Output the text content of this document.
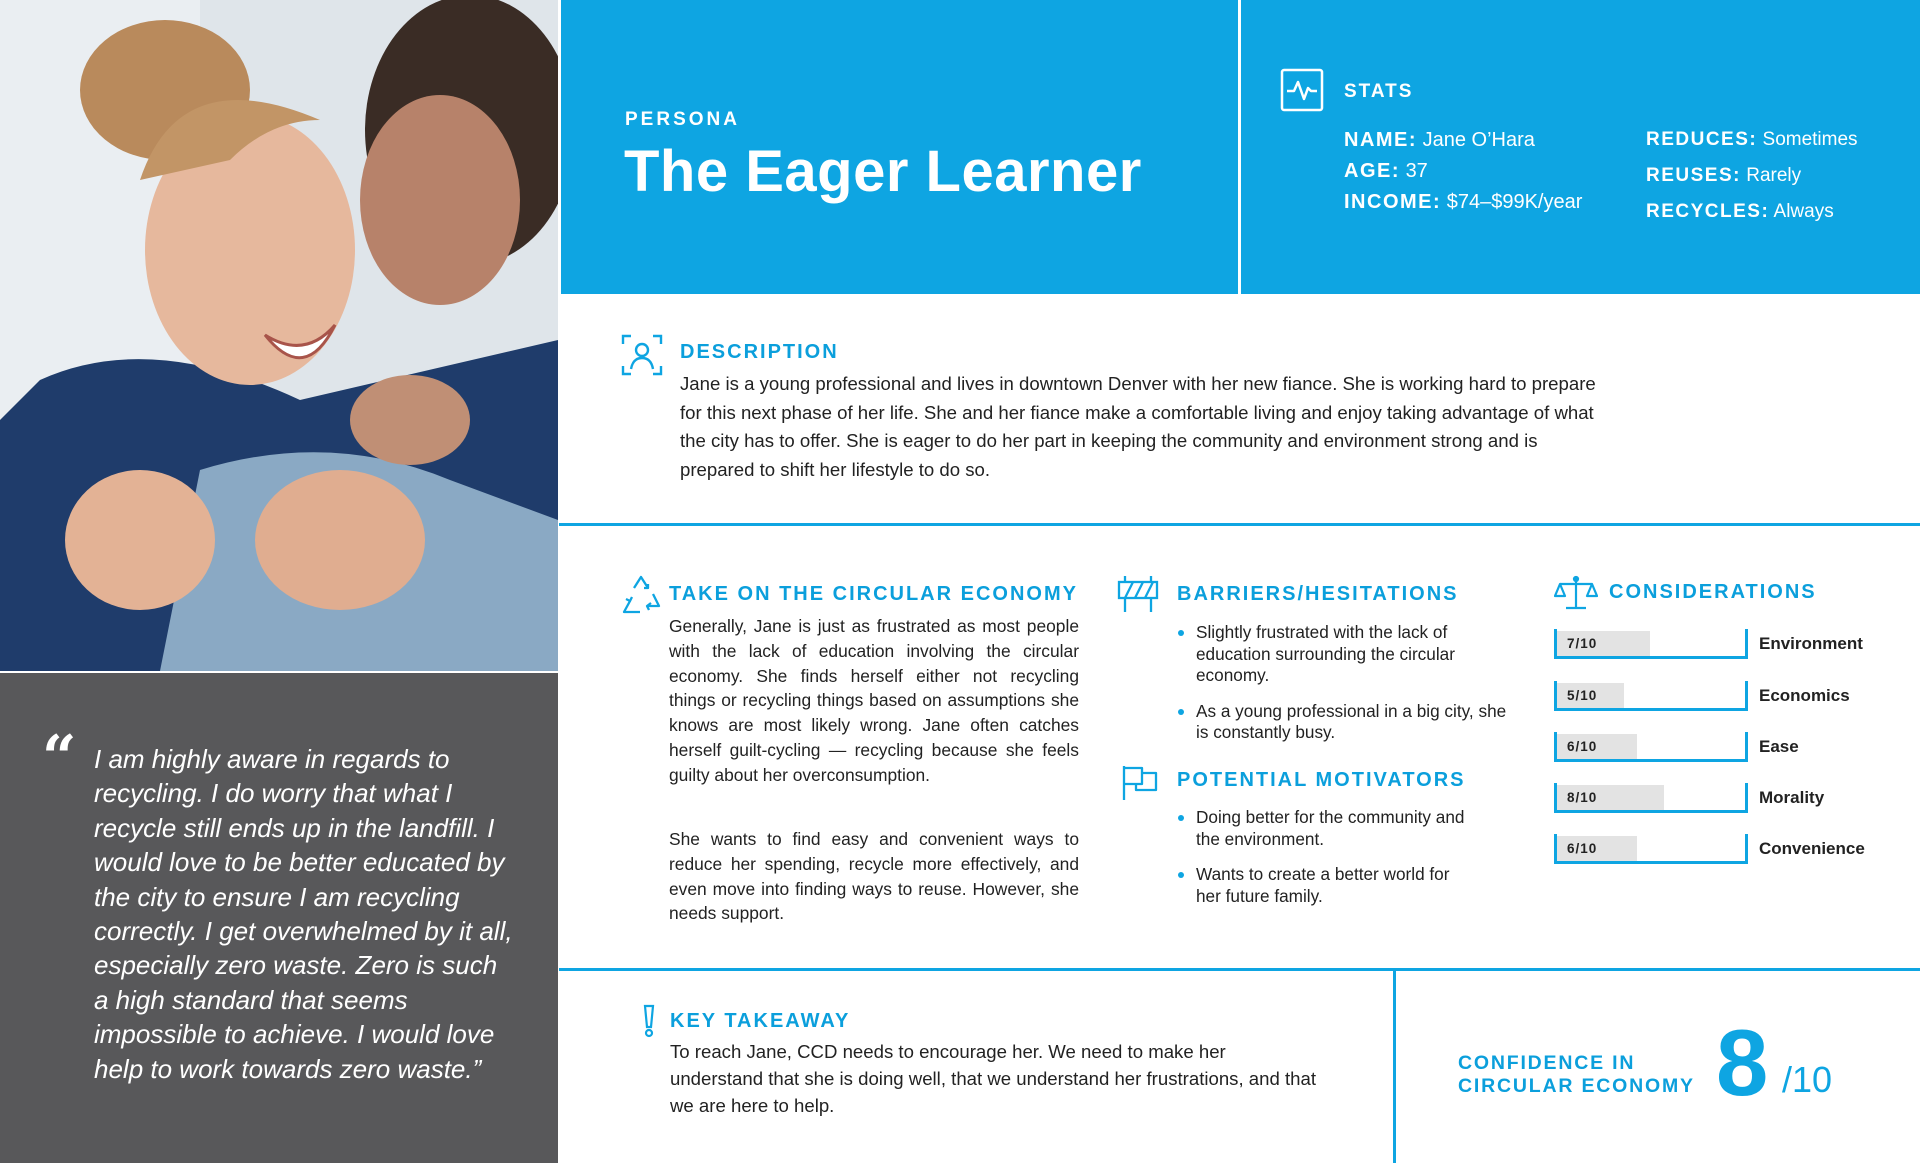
“ I am highly aware in regards to recycling. I do worry that what I recycle still ends up in the landfill. I would love to be better educated by the city to ensure I am recycling correctly. I get overwhelmed by it all, especially zero waste. Zero is such a high standard that seems impossible to achieve. I would love help to work towards zero waste.”
PERSONA
The Eager Learner
STATS
NAME: Jane O’Hara
AGE: 37
INCOME: $74–$99K/year
REDUCES: Sometimes
REUSES: Rarely
RECYCLES: Always
DESCRIPTION
Jane is a young professional and lives in downtown Denver with her new fiance. She is working hard to prepare for this next phase of her life. She and her fiance make a comfortable living and enjoy taking advantage of what the city has to offer. She is eager to do her part in keeping the community and environment strong and is prepared to shift her lifestyle to do so.
TAKE ON THE CIRCULAR ECONOMY
Generally, Jane is just as frustrated as most people with the lack of education involving the circular economy. She finds herself either not recycling things or recycling things based on assumptions she knows are most likely wrong. Jane often catches herself guilt-cycling — recycling because she feels guilty about her overconsumption.
She wants to find easy and convenient ways to reduce her spending, recycle more effectively, and even move into finding ways to reuse. However, she needs support.
BARRIERS/HESITATIONS
Slightly frustrated with the lack of education surrounding the circular economy.
As a young professional in a big city, she is constantly busy.
POTENTIAL MOTIVATORS
Doing better for the community and the environment.
Wants to create a better world for her future family.
CONSIDERATIONS
7/10	Environment
5/10	Economics
6/10	Ease
8/10	Morality
6/10	Convenience
KEY TAKEAWAY
To reach Jane, CCD needs to encourage her. We need to make her understand that she is doing well, that we understand her frustrations, and that we are here to help.
CONFIDENCE IN
CIRCULAR ECONOMY 8 /10
